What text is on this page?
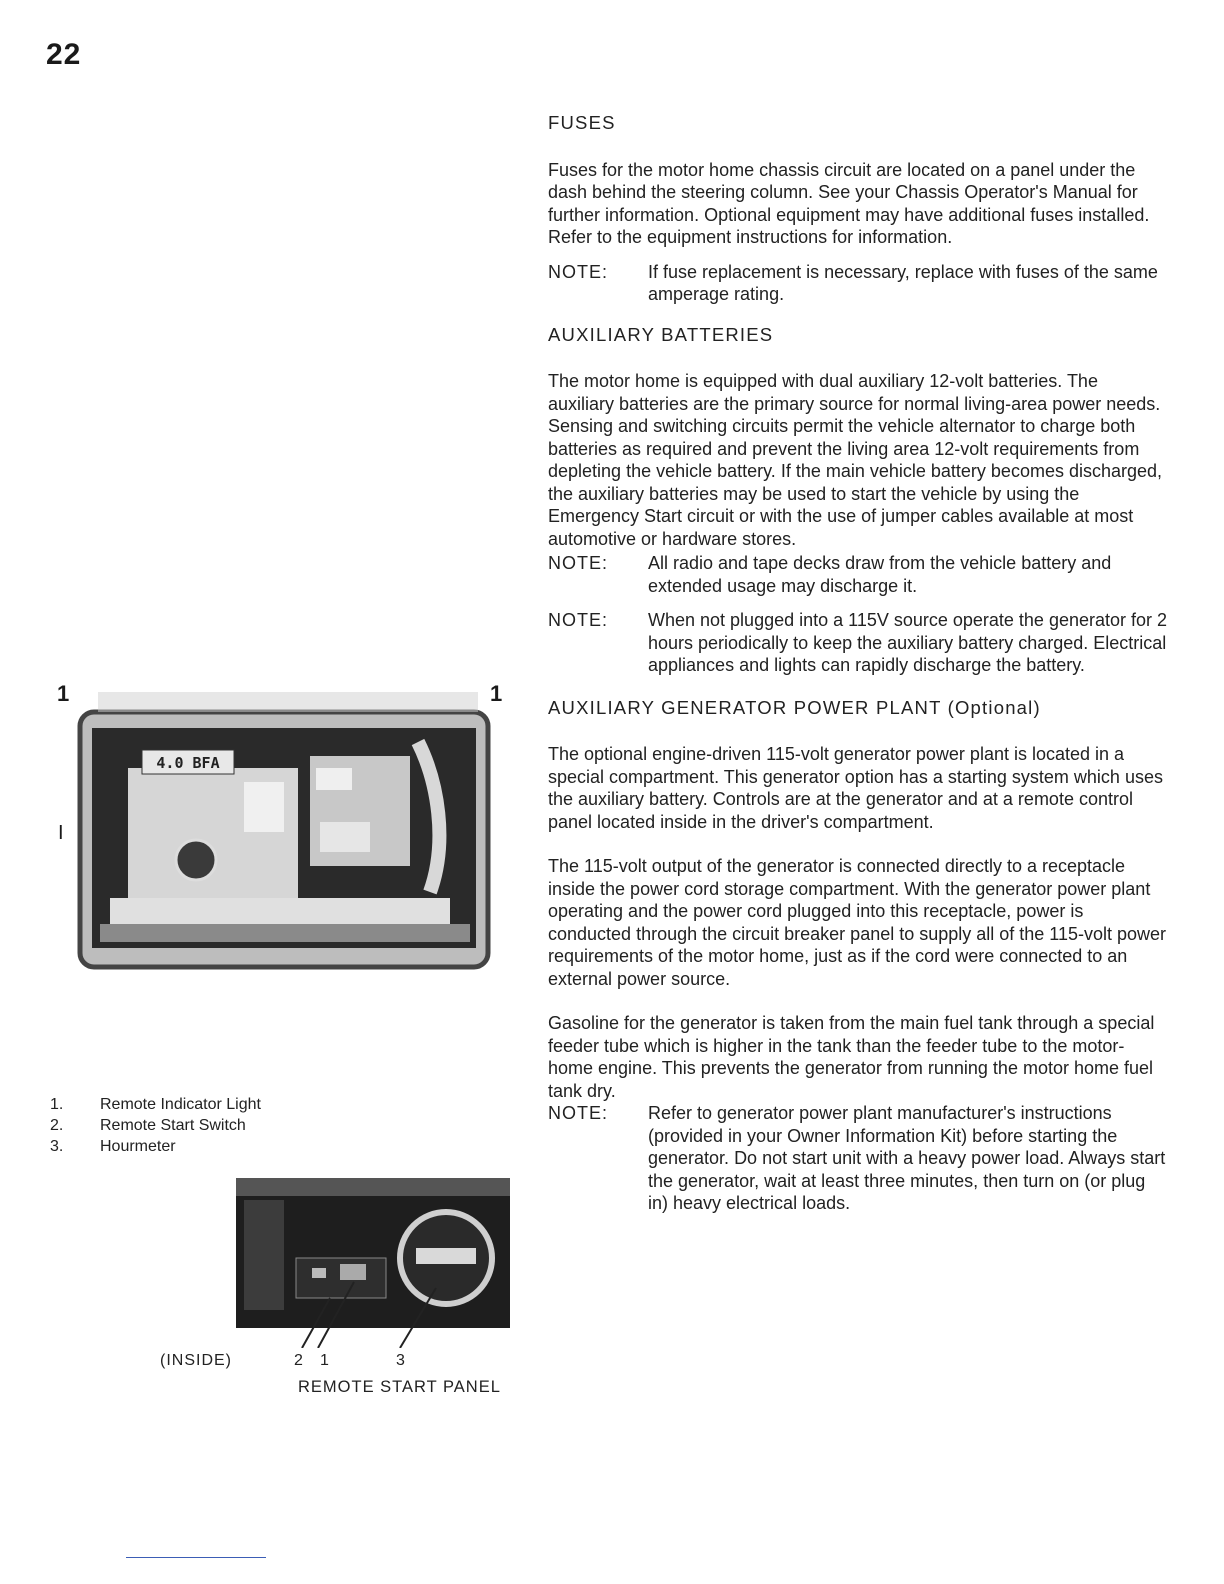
22
FUSES

Fuses for the motor home chassis circuit are located on a panel under the dash behind the steering column. See your Chassis Operator's Manual for further information. Optional equipment may have additional fuses installed. Refer to the equipment instructions for information.

NOTE:	If fuse replacement is necessary, replace with fuses of the same amperage rating.
AUXILIARY BATTERIES

The motor home is equipped with dual auxiliary 12-volt batteries. The auxiliary batteries are the primary source for normal living-area power needs. Sensing and switching circuits permit the vehicle alternator to charge both batteries as required and prevent the living area 12-volt requirements from depleting the vehicle battery. If the main vehicle battery becomes discharged, the auxiliary batteries may be used to start the vehicle by using the Emergency Start circuit or with the use of jumper cables available at most automotive or hardware stores.

NOTE:	All radio and tape decks draw from the vehicle battery and extended usage may discharge it.
NOTE:	When not plugged into a 115V source operate the generator for 2 hours periodically to keep the auxiliary battery charged. Electrical appliances and lights can rapidly discharge the battery.
AUXILIARY GENERATOR POWER PLANT (Optional)

The optional engine-driven 115-volt generator power plant is located in a special compartment. This generator option has a starting system which uses the auxiliary battery. Controls are at the generator and at a remote control panel located inside in the driver's compartment.

The 115-volt output of the generator is connected directly to a receptacle inside the power cord storage compartment. With the generator power plant operating and the power cord plugged into this receptacle, power is conducted through the circuit breaker panel to supply all of the 115-volt power requirements of the motor home, just as if the cord were connected to an external power source.

Gasoline for the generator is taken from the main fuel tank through a special feeder tube which is higher in the tank than the feeder tube to the motor-home engine. This prevents the generator from running the motor home fuel tank dry.

NOTE:	Refer to generator power plant manufacturer's instructions (provided in your Owner Information Kit) before starting the generator. Do not start unit with a heavy power load. Always start the generator, wait at least three minutes, then turn on (or plug in) heavy electrical loads.
4.0 BFA
1	1
I
1.	Remote Indicator Light
2.	Remote Start Switch
3.	Hourmeter
(INSIDE)	2 1	3
REMOTE START PANEL
